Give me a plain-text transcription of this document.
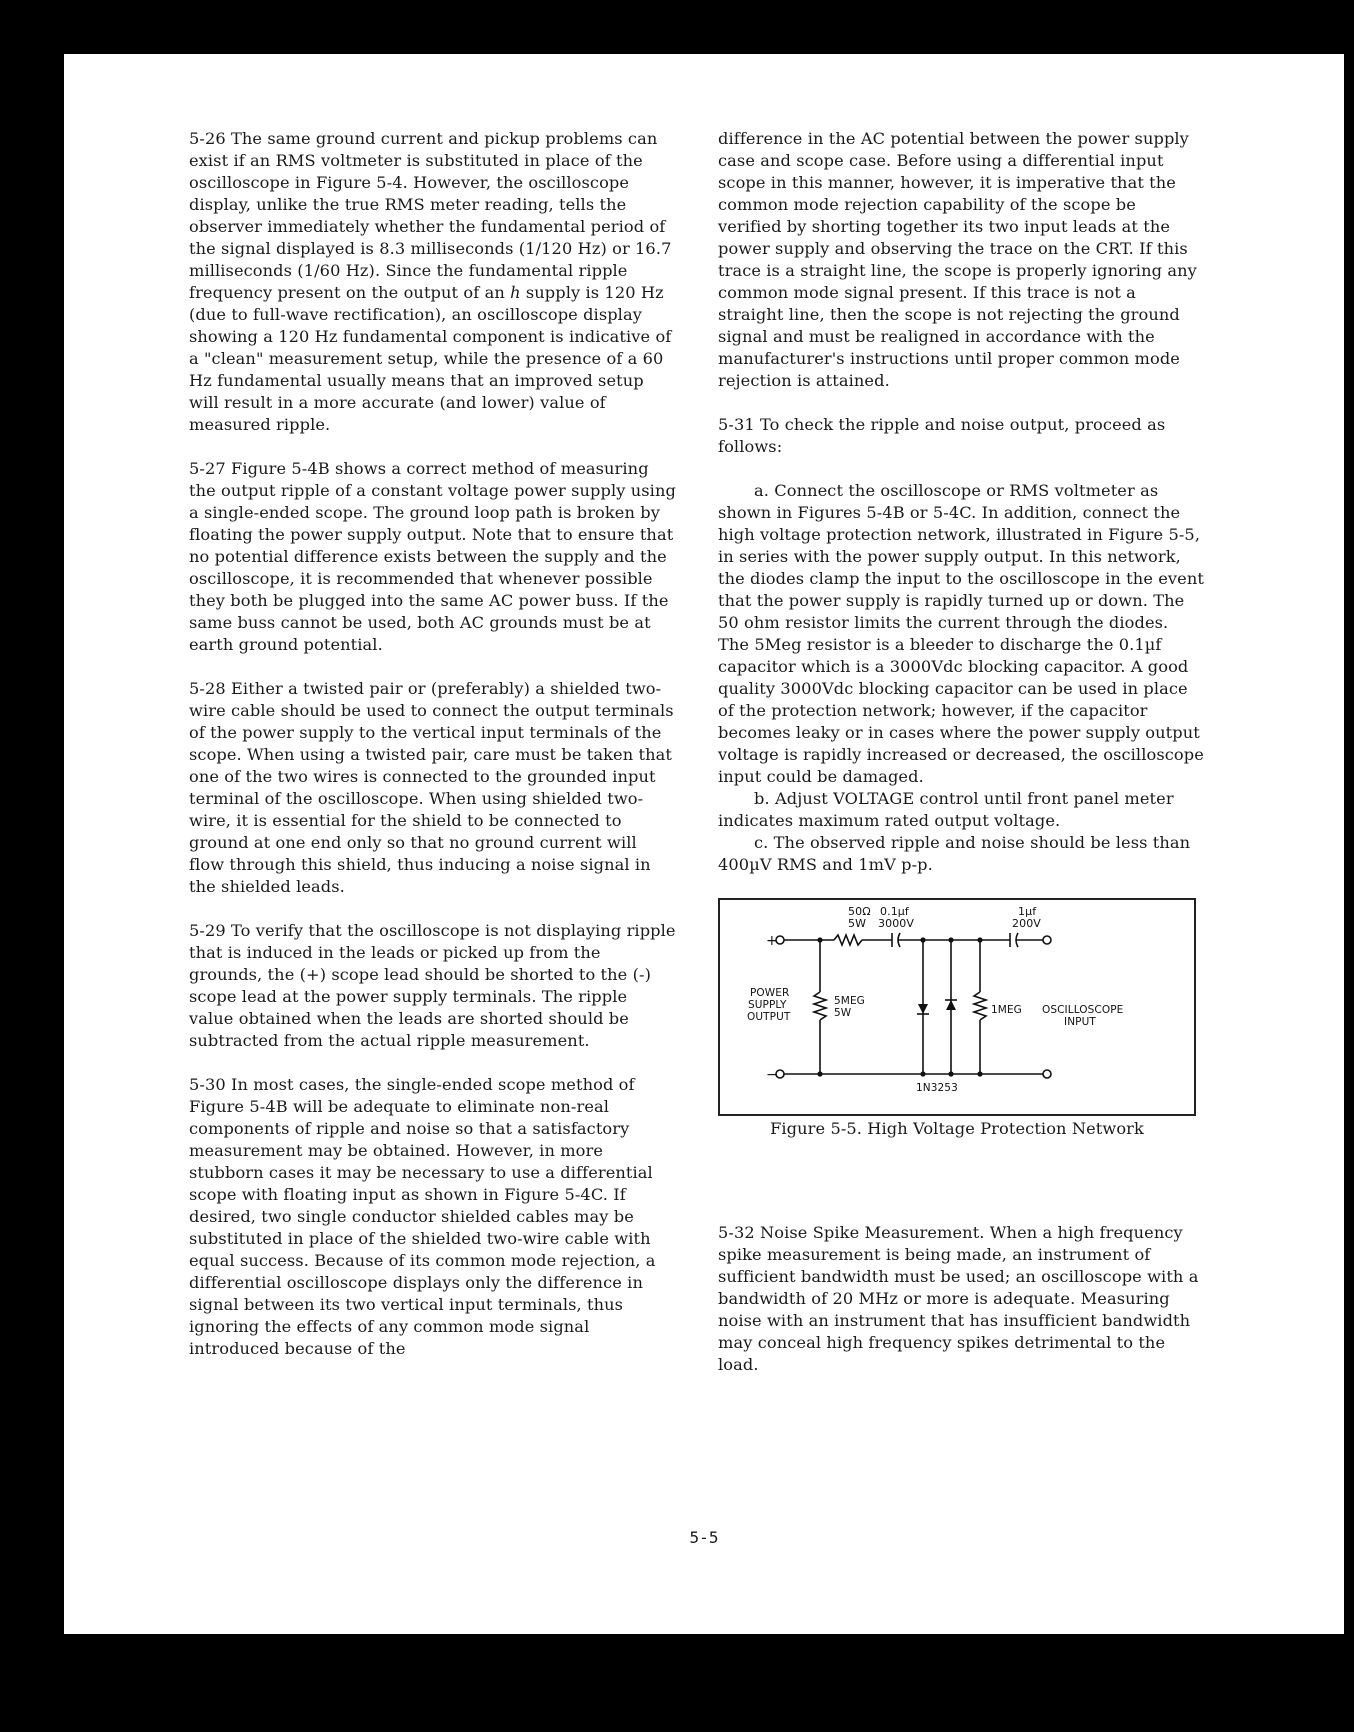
5-26 The same ground current and pickup problems can exist if an RMS voltmeter is substituted in place of the oscilloscope in Figure 5-4. However, the oscilloscope display, unlike the true RMS meter reading, tells the observer immediately whether the fundamental period of the signal displayed is 8.3 milliseconds (1/120 Hz) or 16.7 milliseconds (1/60 Hz). Since the fundamental ripple frequency present on the output of an ℎ supply is 120 Hz (due to full-wave rectification), an oscilloscope display showing a 120 Hz fundamental component is indicative of a "clean" measurement setup, while the presence of a 60 Hz fundamental usually means that an improved setup will result in a more accurate (and lower) value of measured ripple.

5-27 Figure 5-4B shows a correct method of measuring the output ripple of a constant voltage power supply using a single-ended scope. The ground loop path is broken by floating the power supply output. Note that to ensure that no potential difference exists between the supply and the oscilloscope, it is recommended that whenever possible they both be plugged into the same AC power buss. If the same buss cannot be used, both AC grounds must be at earth ground potential.

5-28 Either a twisted pair or (preferably) a shielded two-wire cable should be used to connect the output terminals of the power supply to the vertical input terminals of the scope. When using a twisted pair, care must be taken that one of the two wires is connected to the grounded input terminal of the oscilloscope. When using shielded two-wire, it is essential for the shield to be connected to ground at one end only so that no ground current will flow through this shield, thus inducing a noise signal in the shielded leads.

5-29 To verify that the oscilloscope is not displaying ripple that is induced in the leads or picked up from the grounds, the (+) scope lead should be shorted to the (-) scope lead at the power supply terminals. The ripple value obtained when the leads are shorted should be subtracted from the actual ripple measurement.

5-30 In most cases, the single-ended scope method of Figure 5-4B will be adequate to eliminate non-real components of ripple and noise so that a satisfactory measurement may be obtained. However, in more stubborn cases it may be necessary to use a differential scope with floating input as shown in Figure 5-4C. If desired, two single conductor shielded cables may be substituted in place of the shielded two-wire cable with equal success. Because of its common mode rejection, a differential oscilloscope displays only the difference in signal between its two vertical input terminals, thus ignoring the effects of any common mode signal introduced because of the

difference in the AC potential between the power supply case and scope case. Before using a differential input scope in this manner, however, it is imperative that the common mode rejection capability of the scope be verified by shorting together its two input leads at the power supply and observing the trace on the CRT. If this trace is a straight line, the scope is properly ignoring any common mode signal present. If this trace is not a straight line, then the scope is not rejecting the ground signal and must be realigned in accordance with the manufacturer's instructions until proper common mode rejection is attained.

5-31 To check the ripple and noise output, proceed as follows:

a. Connect the oscilloscope or RMS voltmeter as shown in Figures 5-4B or 5-4C. In addition, connect the high voltage protection network, illustrated in Figure 5-5, in series with the power supply output. In this network, the diodes clamp the input to the oscilloscope in the event that the power supply is rapidly turned up or down. The 50 ohm resistor limits the current through the diodes. The 5Meg resistor is a bleeder to discharge the 0.1µf capacitor which is a 3000Vdc blocking capacitor. A good quality 3000Vdc blocking capacitor can be used in place of the protection network; however, if the capacitor becomes leaky or in cases where the power supply output voltage is rapidly increased or decreased, the oscilloscope input could be damaged.

b. Adjust VOLTAGE control until front panel meter indicates maximum rated output voltage.

c. The observed ripple and noise should be less than 400µV RMS and 1mV p-p.

50Ω
5W
0.1µf
3000V
1µf
200V
+
−
POWER
SUPPLY
OUTPUT
5MEG
5W	1MEG OSCILLOSCOPE
INPUT
1N3253
Figure 5-5. High Voltage Protection Network

5-32 Noise Spike Measurement. When a high frequency spike measurement is being made, an instrument of sufficient bandwidth must be used; an oscilloscope with a bandwidth of 20 MHz or more is adequate. Measuring noise with an instrument that has insufficient bandwidth may conceal high frequency spikes detrimental to the load.

5-5
